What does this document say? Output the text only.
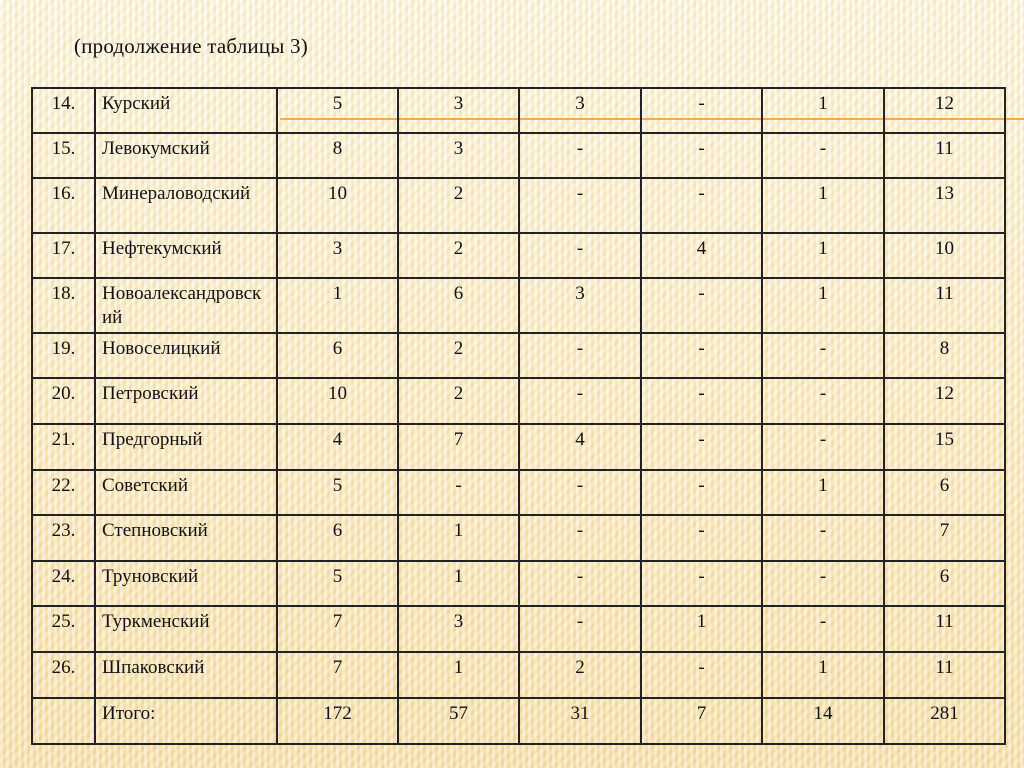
(продолжение таблицы 3)
14.	Курский	5	3	3	-	1	12
15.	Левокумский	8	3	-	-	-	11
16.	Минераловодский	10	2	-	-	1	13
17.	Нефтекумский	3	2	-	4	1	10
18.	Новоалександровский	1	6	3	-	1	11
19.	Новоселицкий	6	2	-	-	-	8
20.	Петровский	10	2	-	-	-	12
21.	Предгорный	4	7	4	-	-	15
22.	Советский	5	-	-	-	1	6
23.	Степновский	6	1	-	-	-	7
24.	Труновский	5	1	-	-	-	6
25.	Туркменский	7	3	-	1	-	11
26.	Шпаковский	7	1	2	-	1	11
	Итого:	172	57	31	7	14	281
